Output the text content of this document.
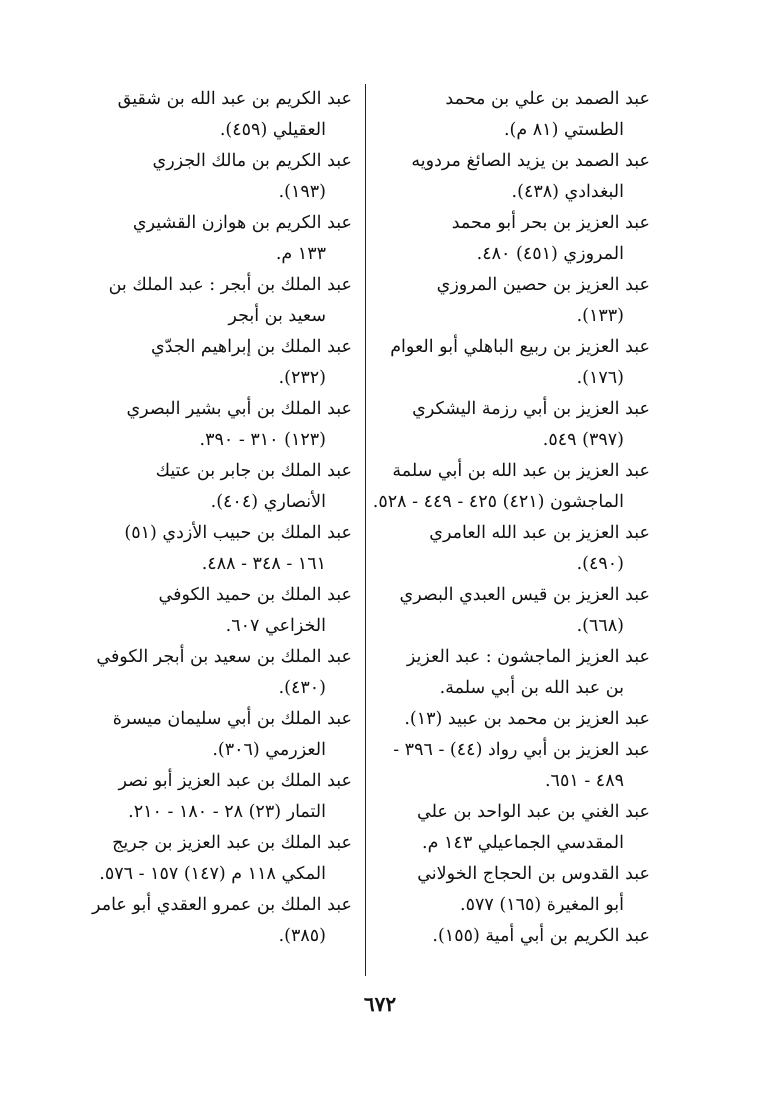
عبد الصمد بن علي بن محمد
الطستي (٨١ م).
عبد الصمد بن يزيد الصائغ مردويه
البغدادي (٤٣٨).
عبد العزيز بن بحر أبو محمد
المروزي (٤٥١) ٤٨٠.
عبد العزيز بن حصين المروزي
(١٣٣).
عبد العزيز بن ربيع الباهلي أبو العوام
(١٧٦).
عبد العزيز بن أبي رزمة اليشكري
(٣٩٧) ٥٤٩.
عبد العزيز بن عبد الله بن أبي سلمة
الماجشون (٤٢١) ٤٢٥ - ٤٤٩ - ٥٢٨.
عبد العزيز بن عبد الله العامري
(٤٩٠).
عبد العزيز بن قيس العبدي البصري
(٦٦٨).
عبد العزيز الماجشون : عبد العزيز
بن عبد الله بن أبي سلمة.
عبد العزيز بن محمد بن عبيد (١٣).
عبد العزيز بن أبي رواد (٤٤) - ٣٩٦ -
٤٨٩ - ٦٥١.
عبد الغني بن عبد الواحد بن علي
المقدسي الجماعيلي ١٤٣ م.
عبد القدوس بن الحجاج الخولاني
أبو المغيرة (١٦٥) ٥٧٧.
عبد الكريم بن أبي أمية (١٥٥).
عبد الكريم بن عبد الله بن شقيق
العقيلي (٤٥٩).
عبد الكريم بن مالك الجزري
(١٩٣).
عبد الكريم بن هوازن القشيري
١٣٣ م.
عبد الملك بن أبجر : عبد الملك بن
سعيد بن أبجر
عبد الملك بن إبراهيم الجدّي
(٢٣٢).
عبد الملك بن أبي بشير البصري
(١٢٣) ٣١٠ - ٣٩٠.
عبد الملك بن جابر بن عتيك
الأنصاري (٤٠٤).
عبد الملك بن حبيب الأزدي (٥١)
١٦١ - ٣٤٨ - ٤٨٨.
عبد الملك بن حميد الكوفي
الخزاعي ٦٠٧.
عبد الملك بن سعيد بن أبجر الكوفي
(٤٣٠).
عبد الملك بن أبي سليمان ميسرة
العزرمي (٣٠٦).
عبد الملك بن عبد العزيز أبو نصر
التمار (٢٣) ٢٨ - ١٨٠ - ٢١٠.
عبد الملك بن عبد العزيز بن جريج
المكي ١١٨ م (١٤٧) ١٥٧ - ٥٧٦.
عبد الملك بن عمرو العقدي أبو عامر
(٣٨٥).
٦٧٢
